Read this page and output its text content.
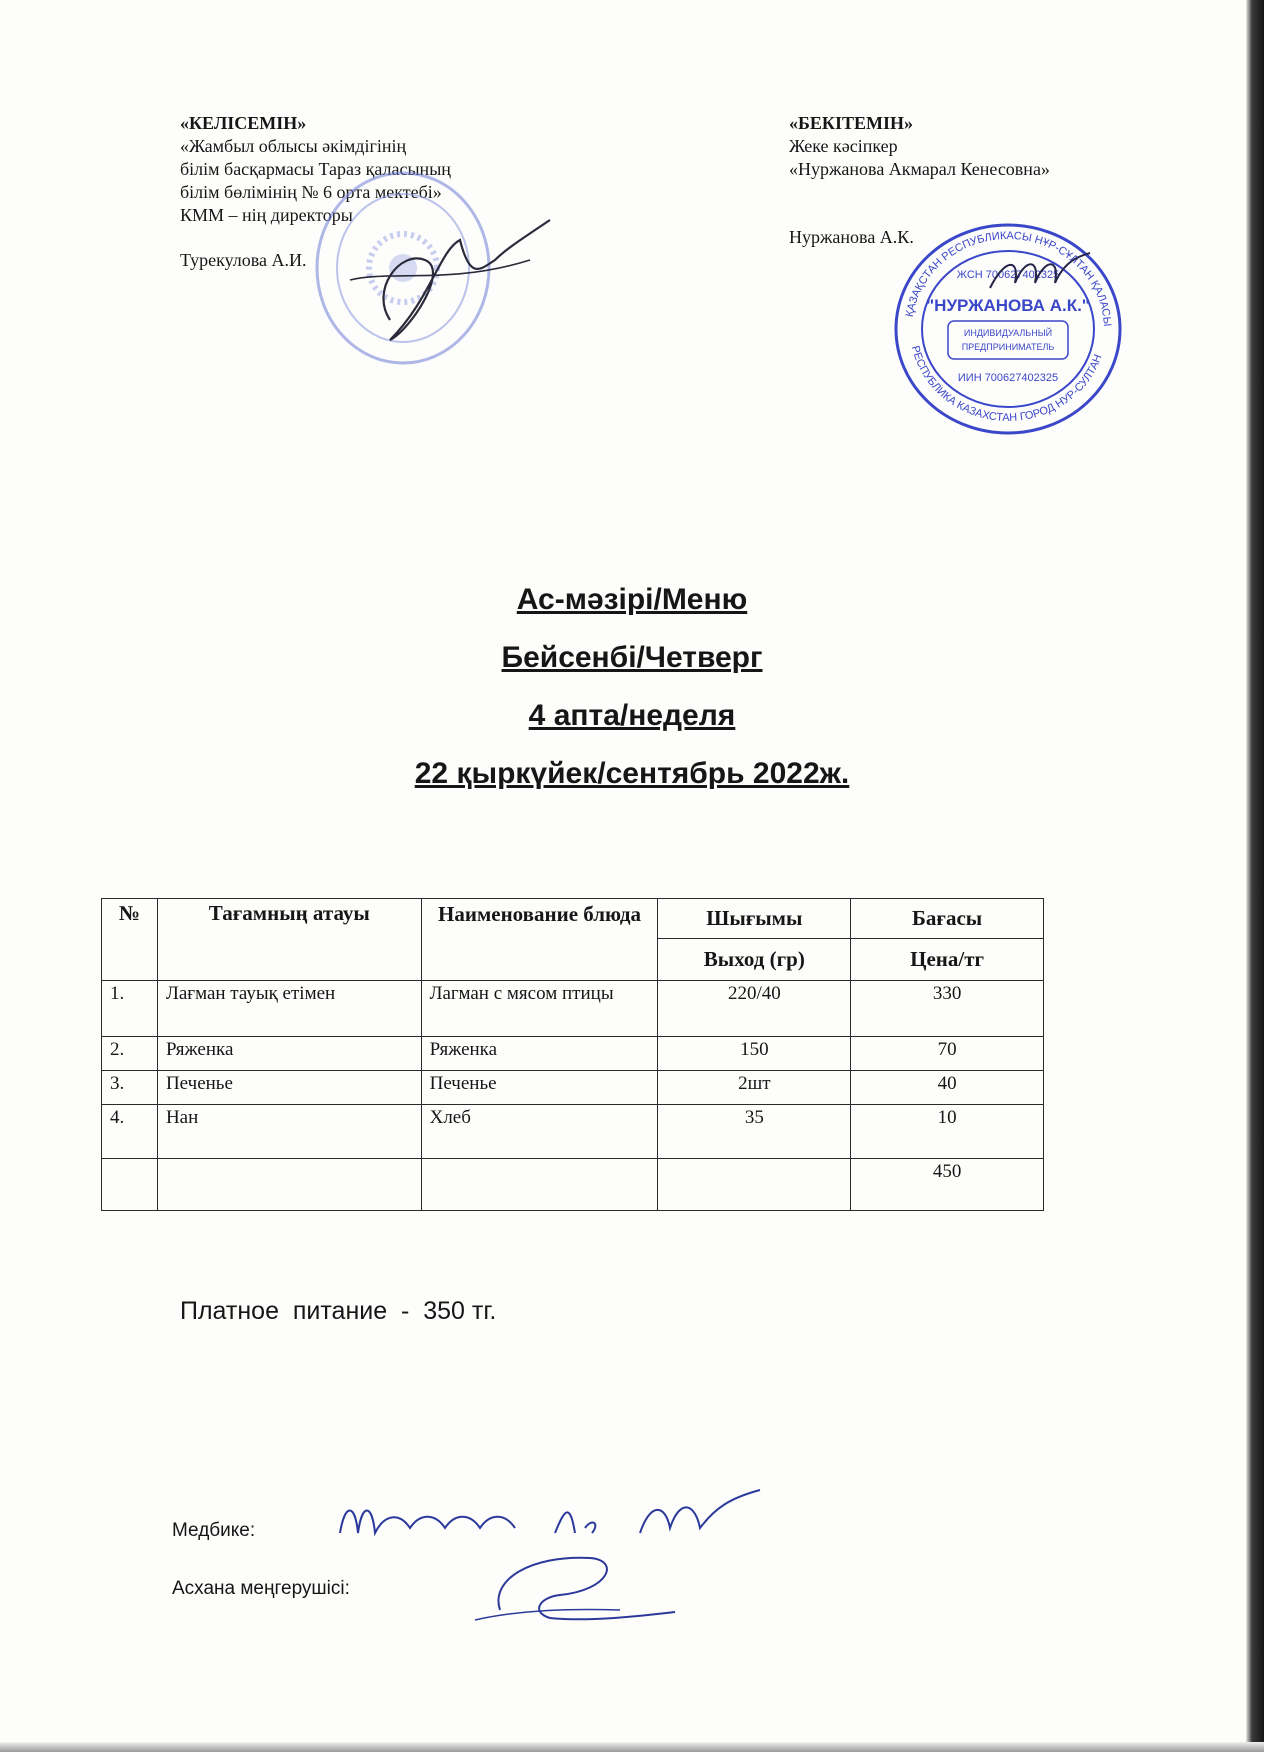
«КЕЛІСЕМІН»
«Жамбыл облысы әкімдігінің
білім басқармасы Тараз қаласының
білім бөлімінің № 6 орта мектебі»
КММ – нің директоры
Турекулова А.И.
«БЕКІТЕМІН»
Жеке кәсіпкер
«Нуржанова Акмарал Кенесовна»
Нуржанова А.К.
ҚАЗАҚСТАН РЕСПУБЛИКАСЫ НҰР-СҰЛТАН ҚАЛАСЫ
РЕСПУБЛИКА КАЗАХСТАН ГОРОД НУР-СУЛТАН
ЖСН 700627402325
"НУРЖАНОВА А.К."
ИНДИВИДУАЛЬНЫЙ
ПРЕДПРИНИМАТЕЛЬ
ИИН 700627402325
Ас-мәзірі/Меню
Бейсенбі/Четверг
4 апта/неделя
22 қыркүйек/сентябрь 2022ж.
№	Тағамның атауы	Наименование блюда	Шығымы	Бағасы
			Выход (гр)	Цена/тг
1.	Лағман тауық етімен	Лагман с мясом птицы	220/40	330
2.	Ряженка	Ряженка	150	70
3.	Печенье	Печенье	2шт	40
4.	Нан	Хлеб	35	10
				450
Платное  питание  -  350 тг.
Медбике:
Асхана меңгерушісі:
